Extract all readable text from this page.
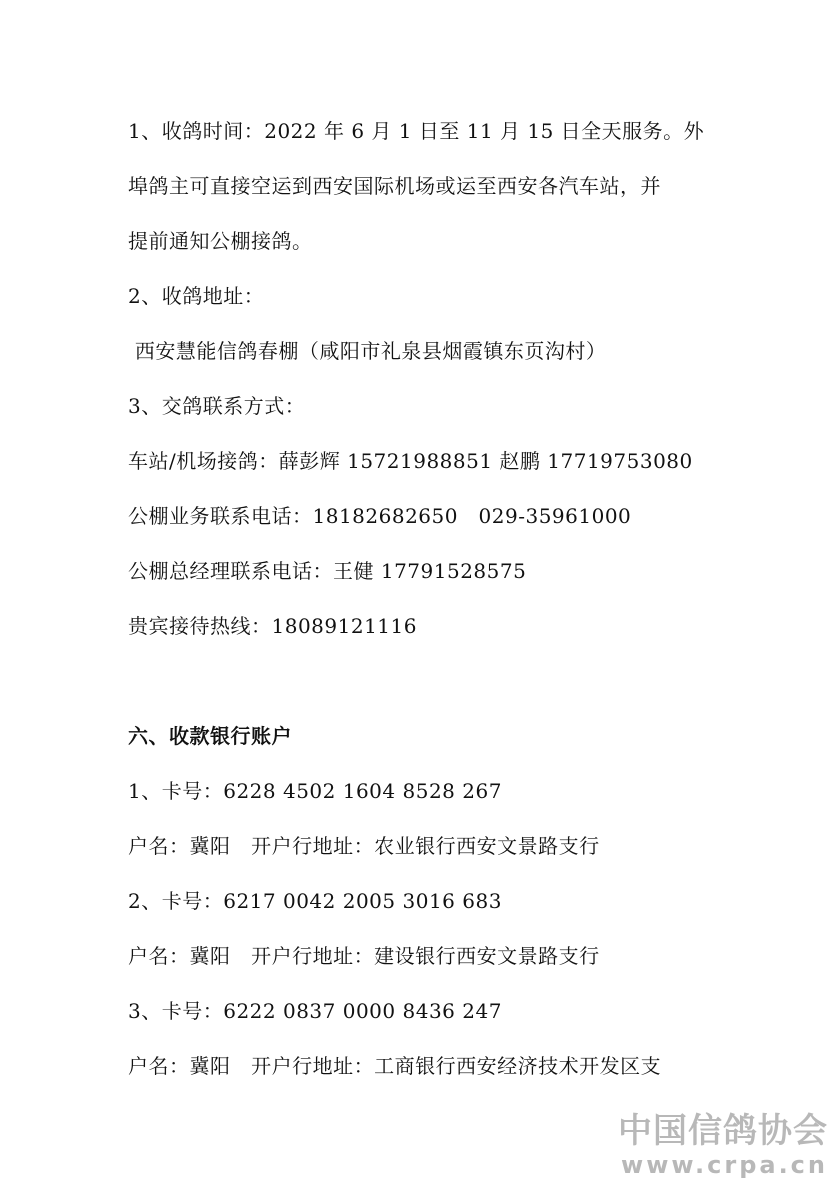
1、收鸽时间：2022 年 6 月 1 日至 11 月 15 日全天服务。外
埠鸽主可直接空运到西安国际机场或运至西安各汽车站，并
提前通知公棚接鸽。
2、收鸽地址：
西安慧能信鸽春棚（咸阳市礼泉县烟霞镇东页沟村）
3、交鸽联系方式：
车站/机场接鸽：薛彭辉 15721988851 赵鹏 17719753080
公棚业务联系电话：18182682650   029-35961000
公棚总经理联系电话：王健 17791528575
贵宾接待热线：18089121116
六、收款银行账户
1、卡号：6228 4502 1604 8528 267
户名：冀阳   开户行地址：农业银行西安文景路支行
2、卡号：6217 0042 2005 3016 683
户名：冀阳   开户行地址：建设银行西安文景路支行
3、卡号：6222 0837 0000 8436 247
户名：冀阳   开户行地址：工商银行西安经济技术开发区支
中国信鸽协会
www.crpa.cn
